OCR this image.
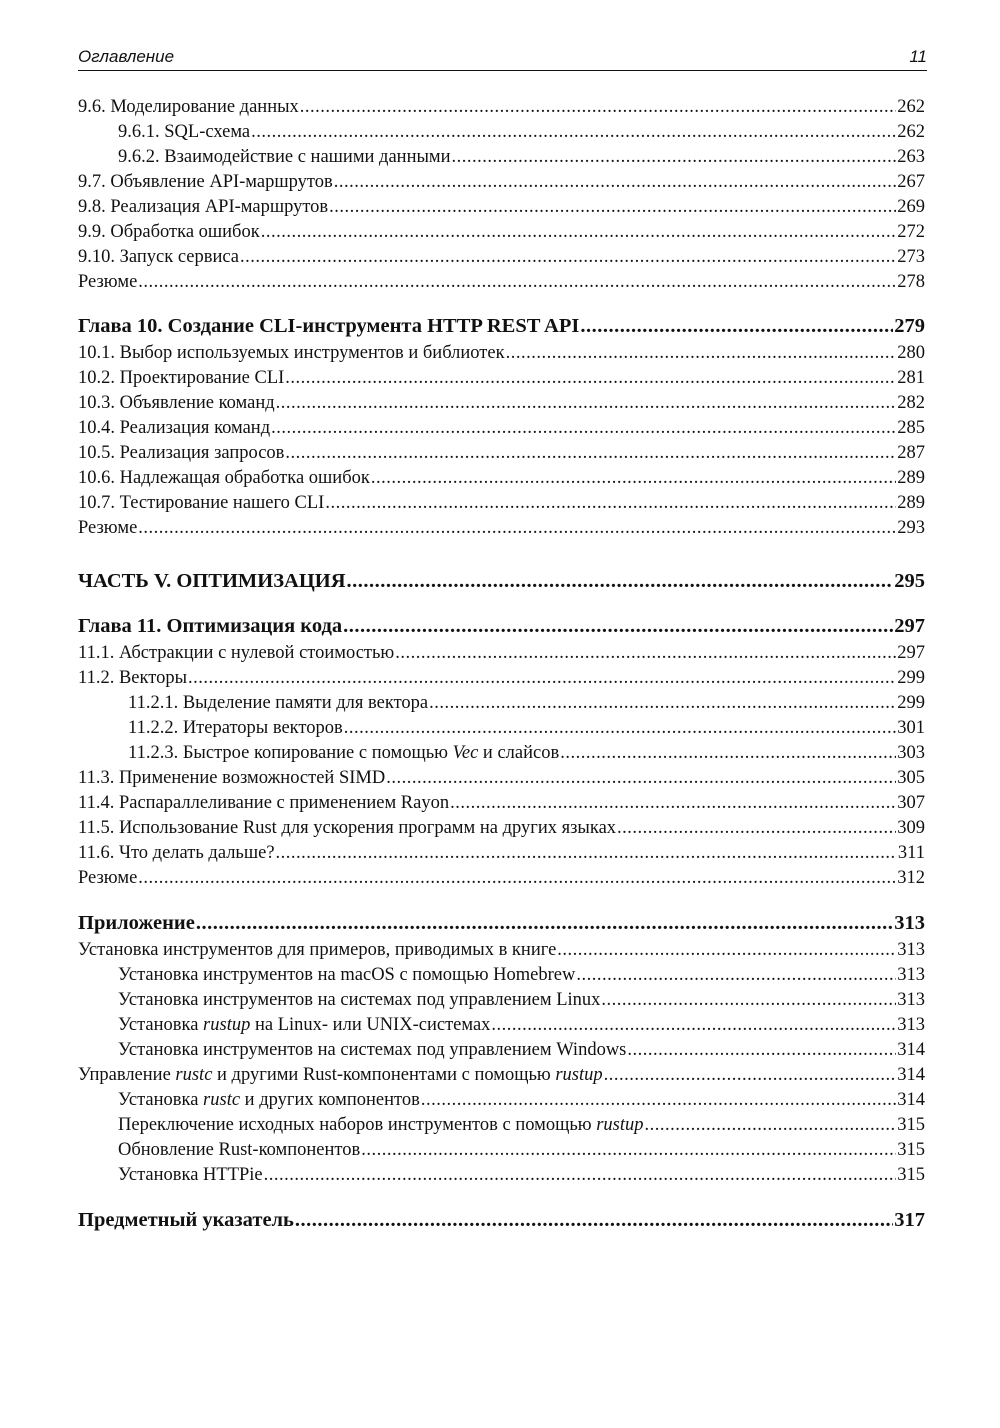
Оглавление	11
9.6. Моделирование данных .....	262
9.6.1. SQL-схема .....	262
9.6.2. Взаимодействие с нашими данными .....	263
9.7. Объявление API-маршрутов .....	267
9.8. Реализация API-маршрутов .....	269
9.9. Обработка ошибок .....	272
9.10. Запуск сервиса .....	273
Резюме .....	278
Глава 10. Создание CLI-инструмента HTTP REST API .....	279
10.1. Выбор используемых инструментов и библиотек .....	280
10.2. Проектирование CLI .....	281
10.3. Объявление команд .....	282
10.4. Реализация команд .....	285
10.5. Реализация запросов .....	287
10.6. Надлежащая обработка ошибок .....	289
10.7. Тестирование нашего CLI .....	289
Резюме .....	293
ЧАСТЬ V. ОПТИМИЗАЦИЯ .....	295
Глава 11. Оптимизация кода .....	297
11.1. Абстракции с нулевой стоимостью .....	297
11.2. Векторы .....	299
11.2.1. Выделение памяти для вектора .....	299
11.2.2. Итераторы векторов .....	301
11.2.3. Быстрое копирование с помощью Vec и слайсов .....	303
11.3. Применение возможностей SIMD .....	305
11.4. Распараллеливание с применением Rayon .....	307
11.5. Использование Rust для ускорения программ на других языках .....	309
11.6. Что делать дальше? .....	311
Резюме .....	312
Приложение .....	313
Установка инструментов для примеров, приводимых в книге .....	313
Установка инструментов на macOS с помощью Homebrew .....	313
Установка инструментов на системах под управлением Linux .....	313
Установка rustup на Linux- или UNIX-системах .....	313
Установка инструментов на системах под управлением Windows .....	314
Управление rustc и другими Rust-компонентами с помощью rustup .....	314
Установка rustc и других компонентов .....	314
Переключение исходных наборов инструментов с помощью rustup .....	315
Обновление Rust-компонентов .....	315
Установка HTTPie .....	315
Предметный указатель .....	317
